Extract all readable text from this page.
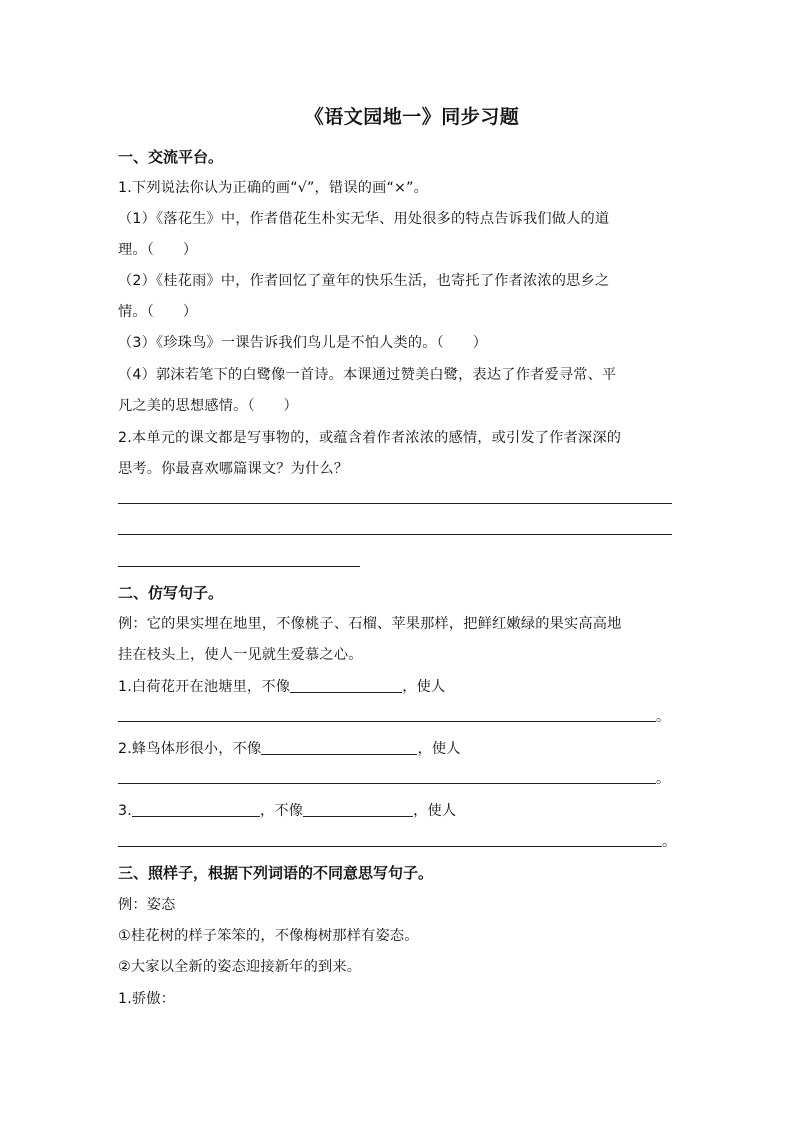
《语文园地一》同步习题
一、交流平台。
1.下列说法你认为正确的画“√”，错误的画“×”。
（1）《落花生》中，作者借花生朴实无华、用处很多的特点告诉我们做人的道
理。（　　）
（2）《桂花雨》中，作者回忆了童年的快乐生活，也寄托了作者浓浓的思乡之
情。（　　）
（3）《珍珠鸟》一课告诉我们鸟儿是不怕人类的。（　　）
（4）郭沫若笔下的白鹭像一首诗。本课通过赞美白鹭，表达了作者爱寻常、平
凡之美的思想感情。（　　）
2.本单元的课文都是写事物的，或蕴含着作者浓浓的感情，或引发了作者深深的
思考。你最喜欢哪篇课文？为什么？
二、仿写句子。
例：它的果实埋在地里，不像桃子、石榴、苹果那样，把鲜红嫩绿的果实高高地
挂在枝头上，使人一见就生爱慕之心。
1.白荷花开在池塘里，不像	，使人
。
2.蜂鸟体形很小，不像	，使人
。
3.	，不像	，使人
。
三、照样子，根据下列词语的不同意思写句子。
例：姿态
①桂花树的样子笨笨的，不像梅树那样有姿态。
②大家以全新的姿态迎接新年的到来。
1.骄傲：
